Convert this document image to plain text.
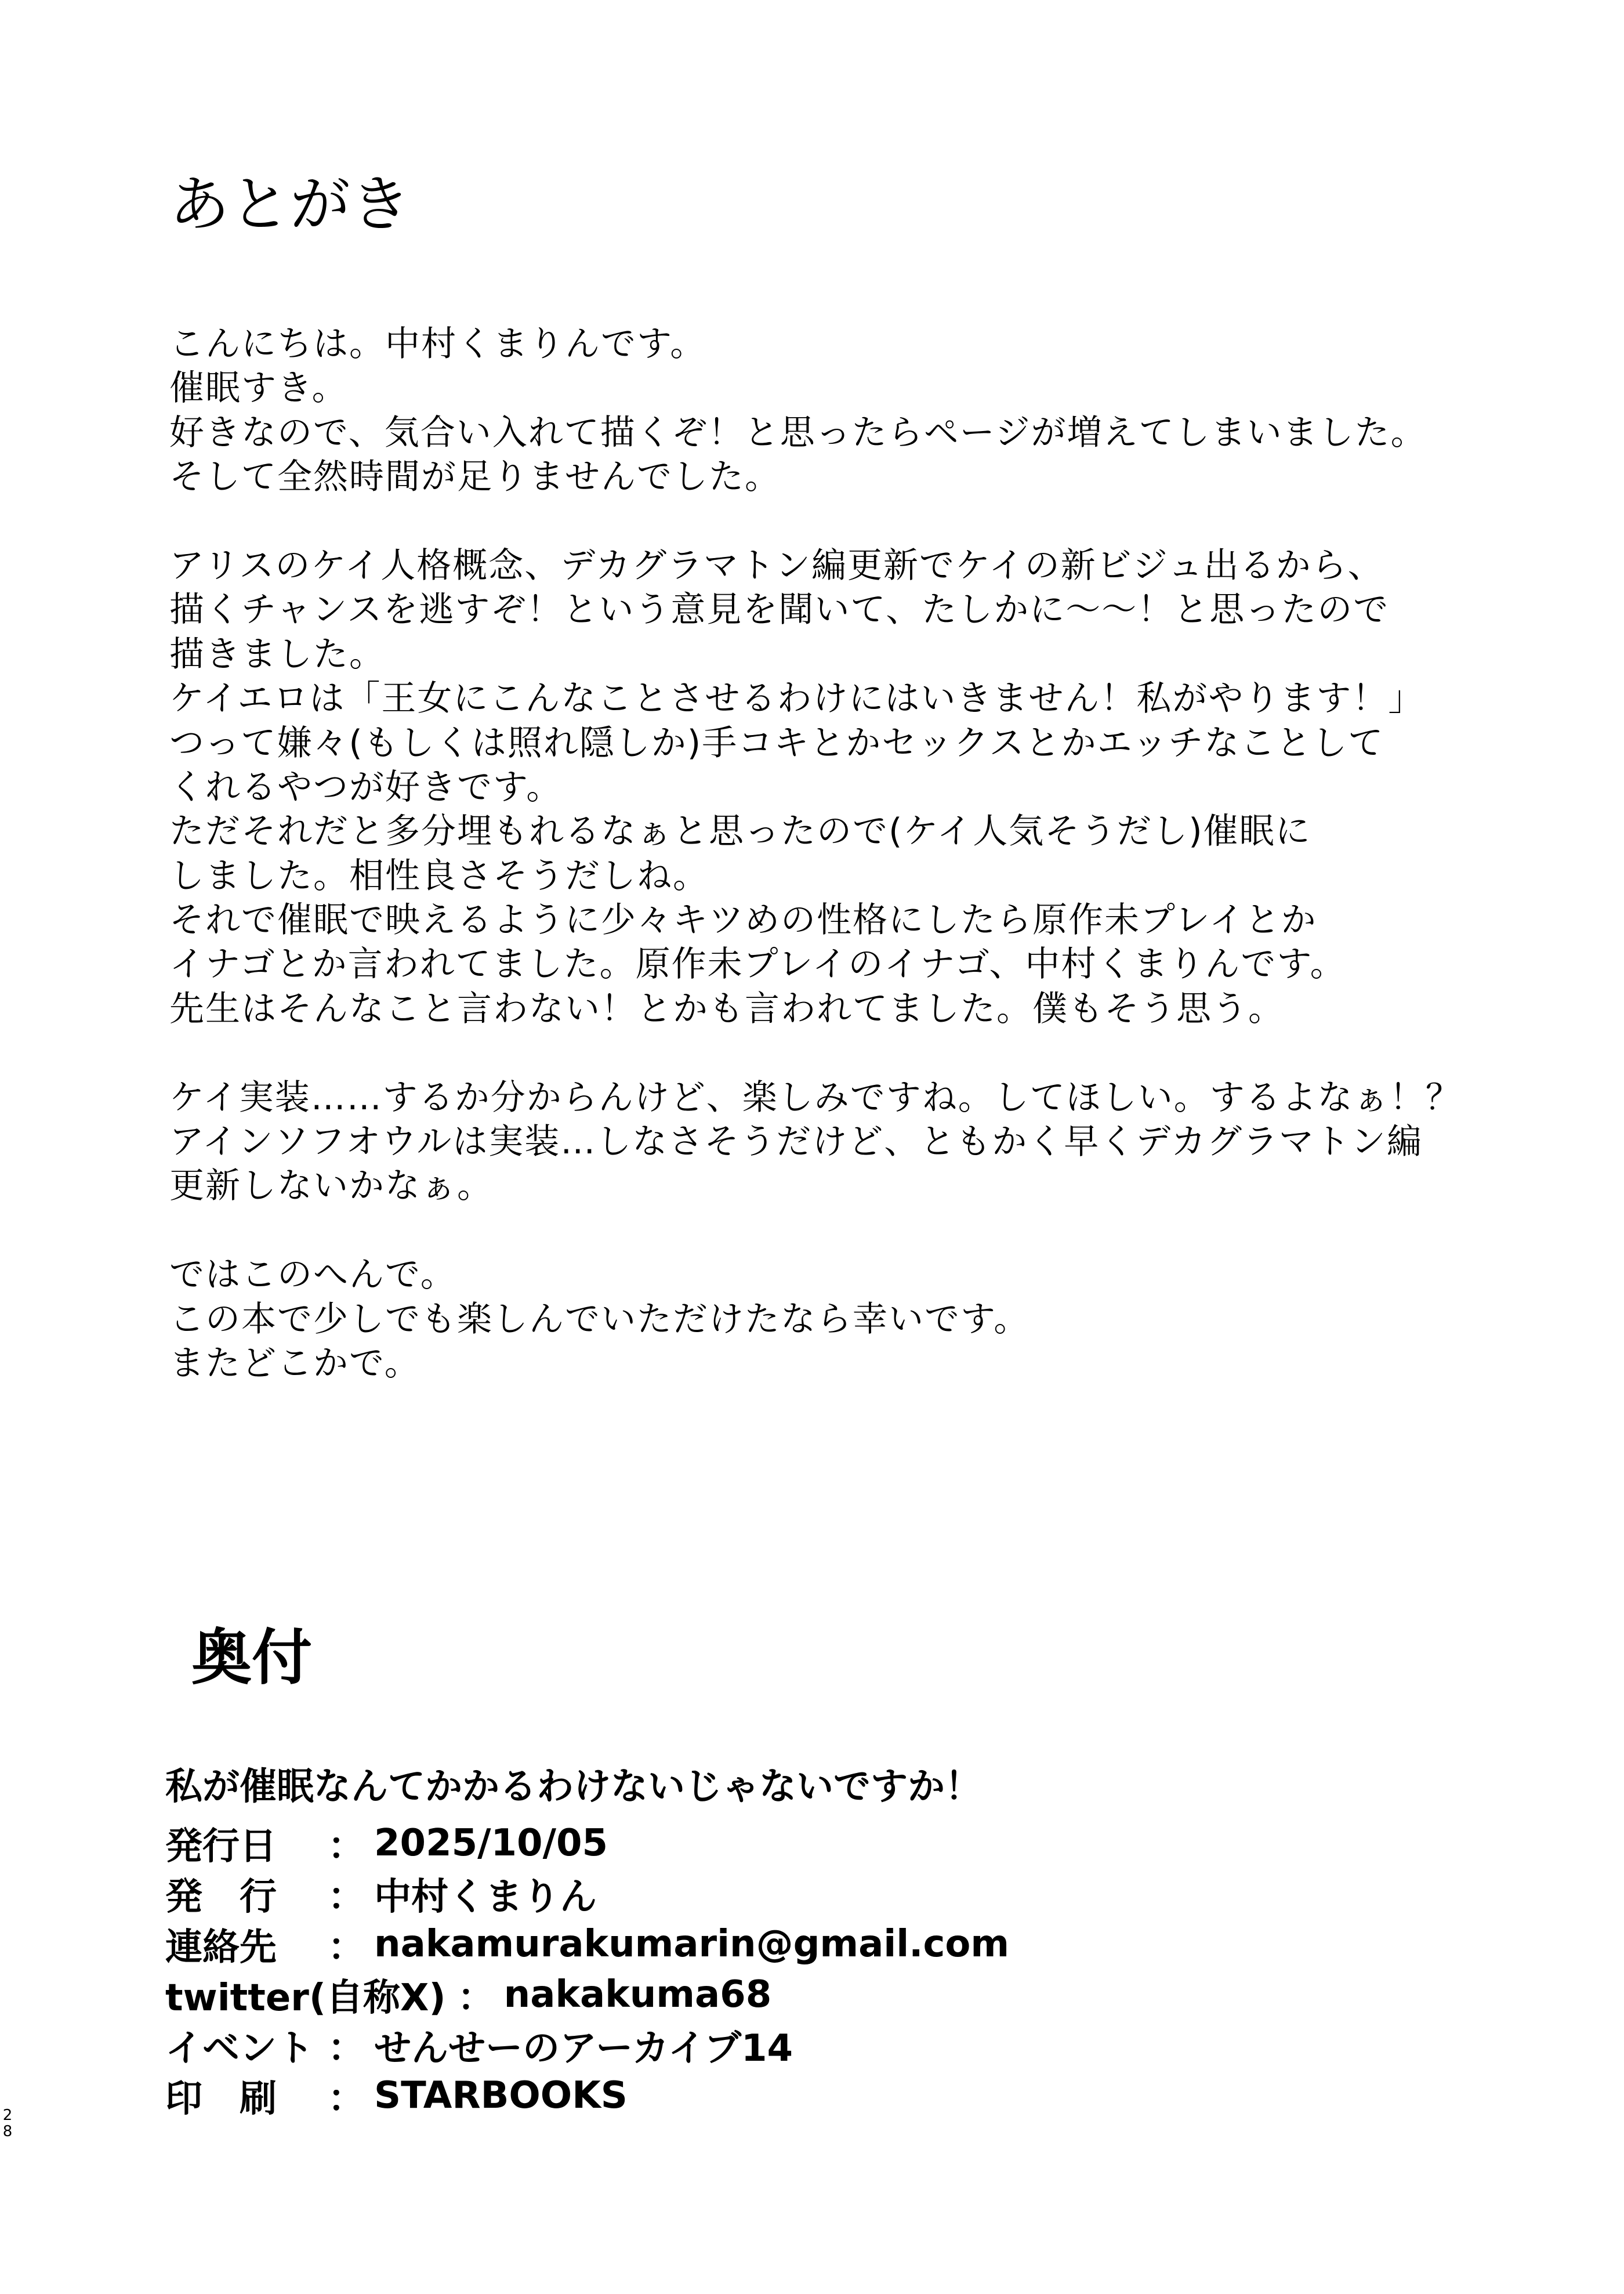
あとがき
こんにちは。中村くまりんです。
催眠すき。
好きなので、気合い入れて描くぞ！と思ったらページが増えてしまいました。
そして全然時間が足りませんでした。
アリスのケイ人格概念、デカグラマトン編更新でケイの新ビジュ出るから、
描くチャンスを逃すぞ！という意見を聞いて、たしかに〜〜！と思ったので
描きました。
ケイエロは「王女にこんなことさせるわけにはいきません！私がやります！」
つって嫌々(もしくは照れ隠しか)手コキとかセックスとかエッチなことして
くれるやつが好きです。
ただそれだと多分埋もれるなぁと思ったので(ケイ人気そうだし)催眠に
しました。相性良さそうだしね。
それで催眠で映えるように少々キツめの性格にしたら原作未プレイとか
イナゴとか言われてました。原作未プレイのイナゴ、中村くまりんです。
先生はそんなこと言わない！とかも言われてました。僕もそう思う。
ケイ実装……するか分からんけど、楽しみですね。してほしい。するよなぁ！？
アインソフオウルは実装…しなさそうだけど、ともかく早くデカグラマトン編
更新しないかなぁ。
ではこのへんで。
この本で少しでも楽しんでいただけたなら幸いです。
またどこかで。
奥付
私が催眠なんてかかるわけないじゃないですか！
発行日	： 2025/10/05
発　行	： 中村くまりん
連絡先	： nakamurakumarin@gmail.com
twitter(自称X) ： nakakuma68
イベント ： せんせーのアーカイブ14
印　刷	： STARBOOKS
2
8
